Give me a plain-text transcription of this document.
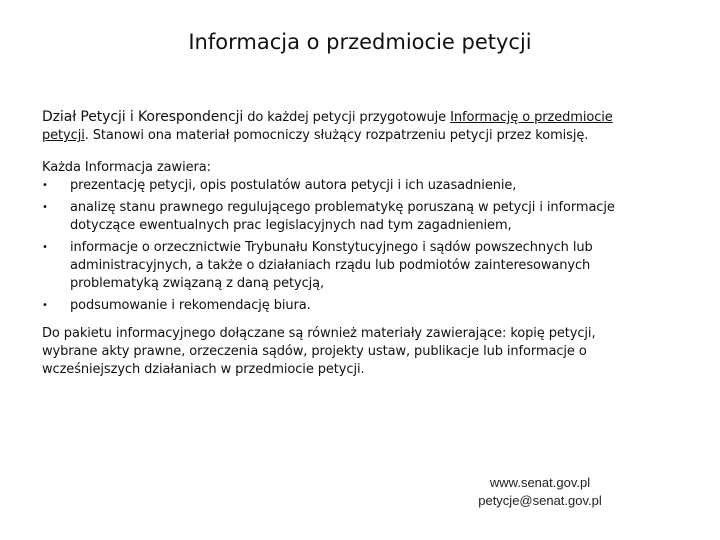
Informacja o przedmiocie petycji

Dział Petycji i Korespondencji do każdej petycji przygotowuje Informację o przedmiocie petycji. Stanowi ona materiał pomocniczy służący rozpatrzeniu petycji przez komisję.

Każda Informacja zawiera:

• prezentację petycji, opis postulatów autora petycji i ich uzasadnienie,
• analizę stanu prawnego regulującego problematykę poruszaną w petycji i informacje dotyczące ewentualnych prac legislacyjnych nad tym zagadnieniem,
• informacje o orzecznictwie Trybunału Konstytucyjnego i sądów powszechnych lub administracyjnych, a także o działaniach rządu lub podmiotów zainteresowanych problematyką związaną z daną petycją,
• podsumowanie i rekomendację biura.

Do pakietu informacyjnego dołączane są również materiały zawierające: kopię petycji, wybrane akty prawne, orzeczenia sądów, projekty ustaw, publikacje lub informacje o wcześniejszych działaniach w przedmiocie petycji.

www.senat.gov.pl
petycje@senat.gov.pl
